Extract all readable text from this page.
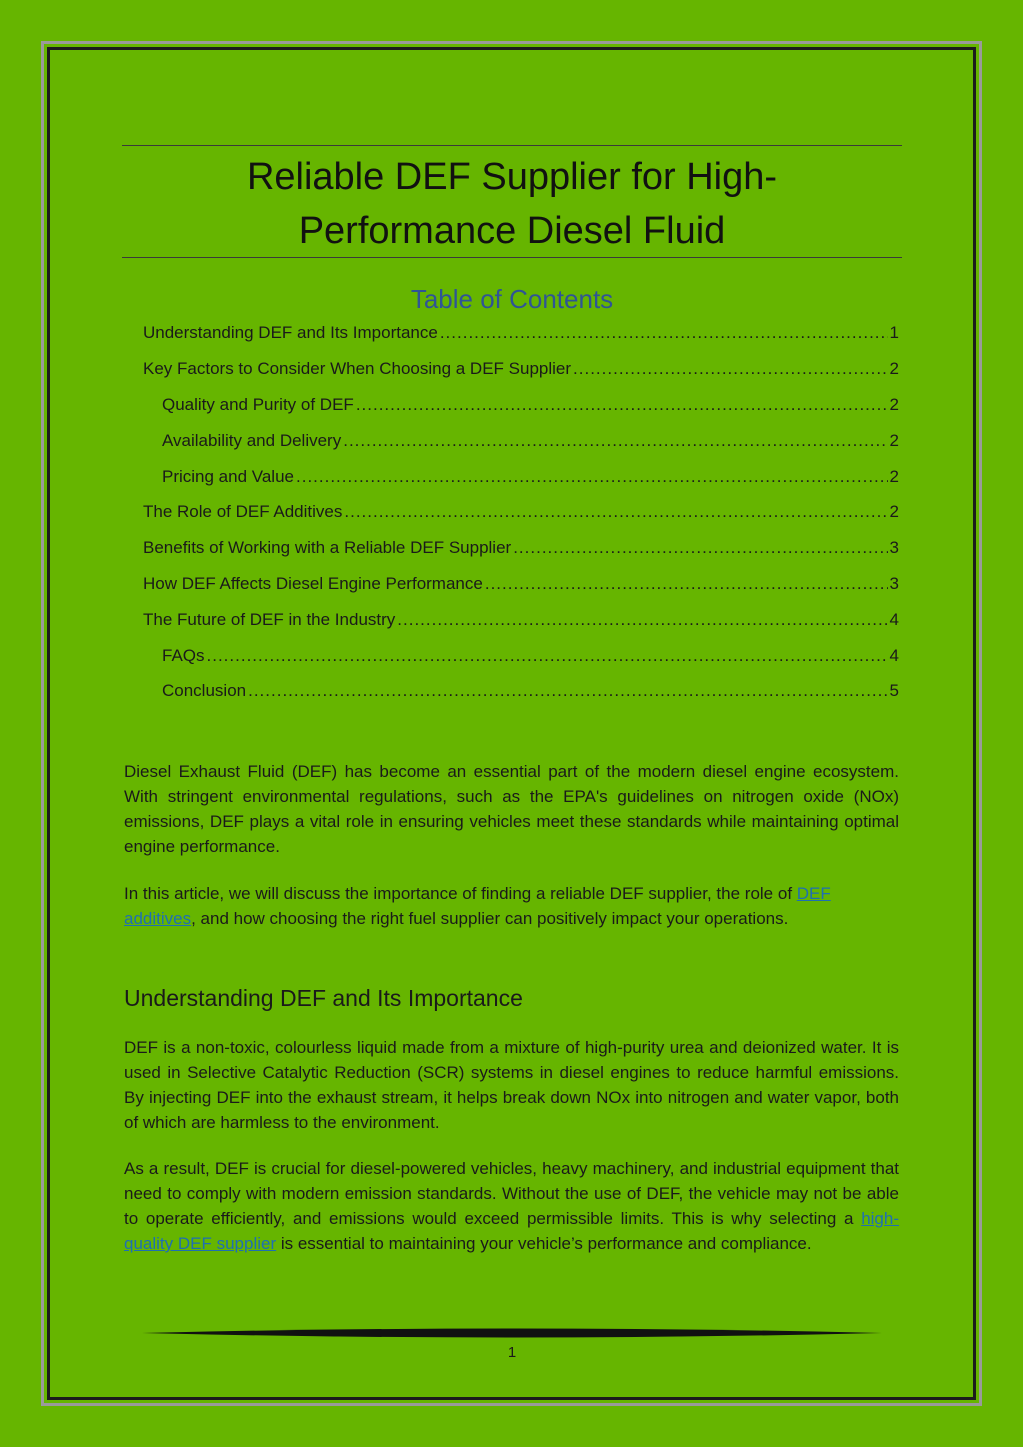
Reliable DEF Supplier for High-
Performance Diesel Fluid
Table of Contents
Understanding DEF and Its Importance .....	1
Key Factors to Consider When Choosing a DEF Supplier .....	2
Quality and Purity of DEF .....	2
Availability and Delivery .....	2
Pricing and Value .....	2
The Role of DEF Additives .....	2
Benefits of Working with a Reliable DEF Supplier .....	3
How DEF Affects Diesel Engine Performance .....	3
The Future of DEF in the Industry .....	4
FAQs .....	4
Conclusion .....	5

Diesel Exhaust Fluid (DEF) has become an essential part of the modern diesel engine ecosystem. With stringent environmental regulations, such as the EPA's guidelines on nitrogen oxide (NOx) emissions, DEF plays a vital role in ensuring vehicles meet these standards while maintaining optimal engine performance.

In this article, we will discuss the importance of finding a reliable DEF supplier, the role of DEF additives, and how choosing the right fuel supplier can positively impact your operations.

Understanding DEF and Its Importance

DEF is a non-toxic, colourless liquid made from a mixture of high-purity urea and deionized water. It is used in Selective Catalytic Reduction (SCR) systems in diesel engines to reduce harmful emissions. By injecting DEF into the exhaust stream, it helps break down NOx into nitrogen and water vapor, both of which are harmless to the environment.

As a result, DEF is crucial for diesel-powered vehicles, heavy machinery, and industrial equipment that need to comply with modern emission standards. Without the use of DEF, the vehicle may not be able to operate efficiently, and emissions would exceed permissible limits. This is why selecting a high-quality DEF supplier is essential to maintaining your vehicle’s performance and compliance.

1
